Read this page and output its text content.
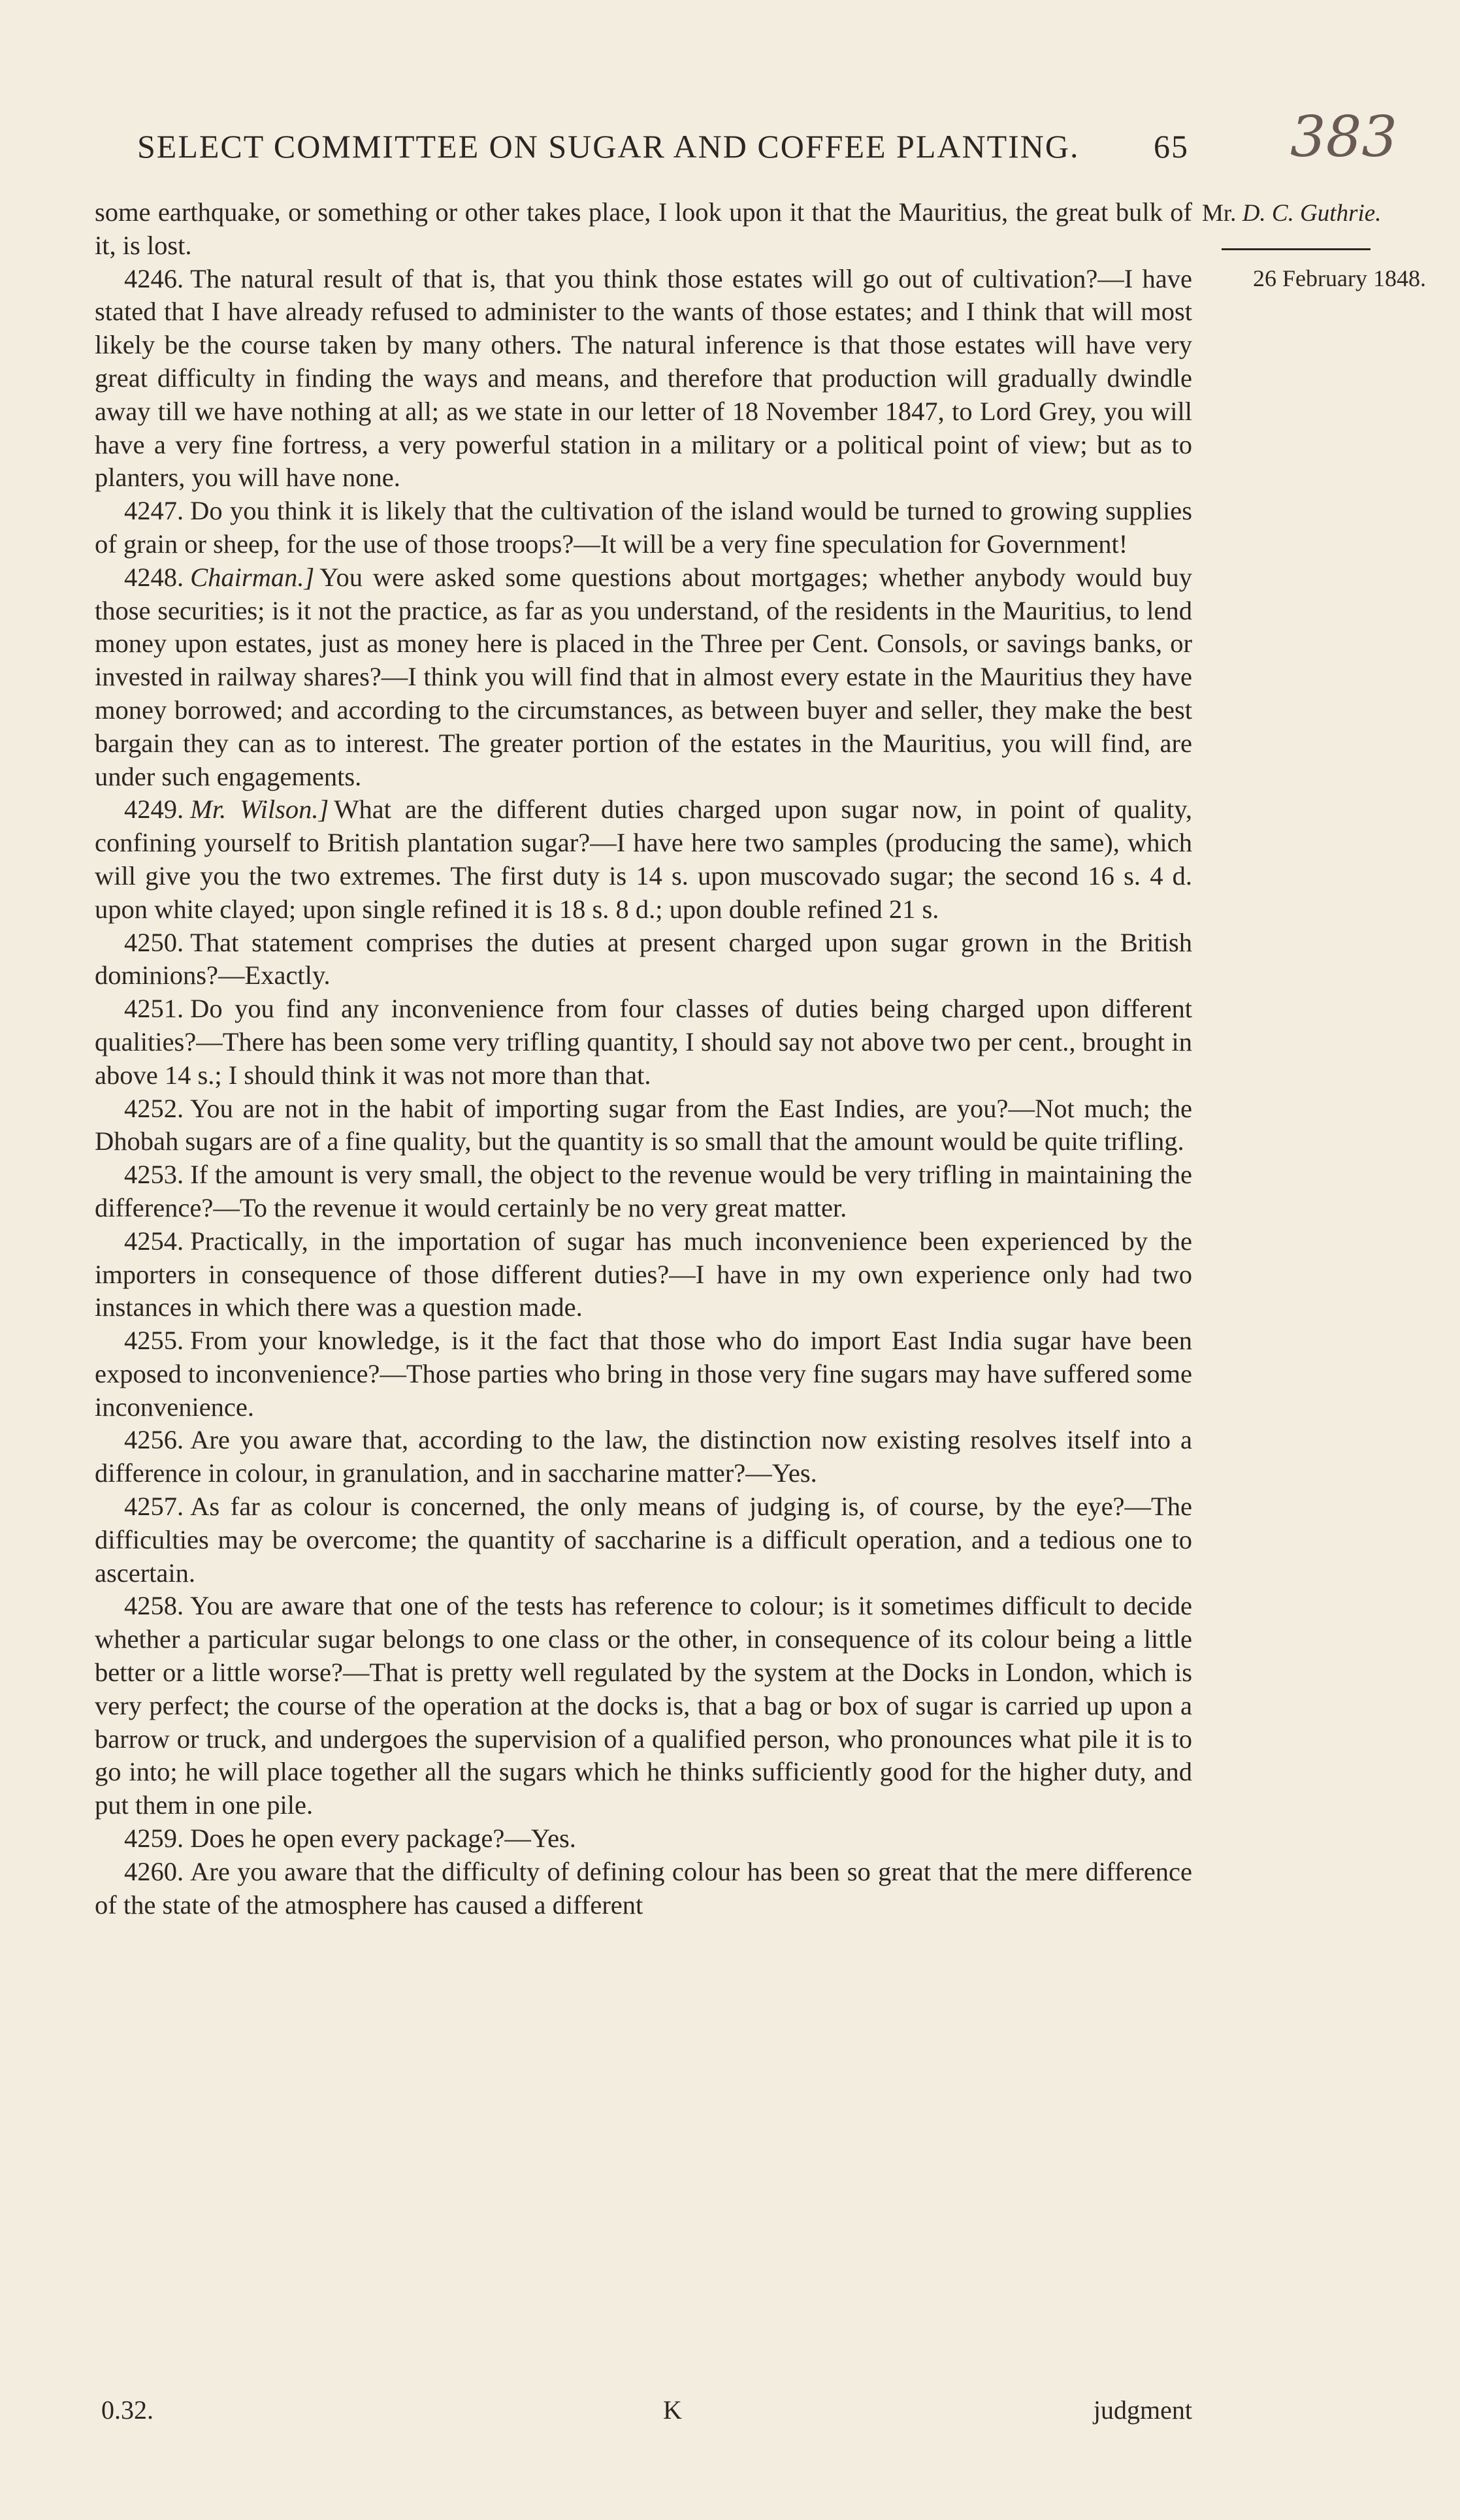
SELECT COMMITTEE ON SUGAR AND COFFEE PLANTING. 65 383
Mr. D. C. Guthrie.
26 February 1848.

some earthquake, or something or other takes place, I look upon it that the Mauritius, the great bulk of it, is lost.

4246. The natural result of that is, that you think those estates will go out of cultivation?—I have stated that I have already refused to administer to the wants of those estates; and I think that will most likely be the course taken by many others. The natural inference is that those estates will have very great difficulty in finding the ways and means, and therefore that production will gradually dwindle away till we have nothing at all; as we state in our letter of 18 November 1847, to Lord Grey, you will have a very fine fortress, a very powerful station in a military or a political point of view; but as to planters, you will have none.

4247. Do you think it is likely that the cultivation of the island would be turned to growing supplies of grain or sheep, for the use of those troops?—It will be a very fine speculation for Government!

4248. Chairman.] You were asked some questions about mortgages; whether anybody would buy those securities; is it not the practice, as far as you understand, of the residents in the Mauritius, to lend money upon estates, just as money here is placed in the Three per Cent. Consols, or savings banks, or invested in railway shares?—I think you will find that in almost every estate in the Mauritius they have money borrowed; and according to the circumstances, as between buyer and seller, they make the best bargain they can as to interest. The greater portion of the estates in the Mauritius, you will find, are under such engagements.

4249. Mr. Wilson.] What are the different duties charged upon sugar now, in point of quality, confining yourself to British plantation sugar?—I have here two samples (producing the same), which will give you the two extremes. The first duty is 14 s. upon muscovado sugar; the second 16 s. 4 d. upon white clayed; upon single refined it is 18 s. 8 d.; upon double refined 21 s.

4250. That statement comprises the duties at present charged upon sugar grown in the British dominions?—Exactly.

4251. Do you find any inconvenience from four classes of duties being charged upon different qualities?—There has been some very trifling quantity, I should say not above two per cent., brought in above 14 s.; I should think it was not more than that.

4252. You are not in the habit of importing sugar from the East Indies, are you?—Not much; the Dhobah sugars are of a fine quality, but the quantity is so small that the amount would be quite trifling.

4253. If the amount is very small, the object to the revenue would be very trifling in maintaining the difference?—To the revenue it would certainly be no very great matter.

4254. Practically, in the importation of sugar has much inconvenience been experienced by the importers in consequence of those different duties?—I have in my own experience only had two instances in which there was a question made.

4255. From your knowledge, is it the fact that those who do import East India sugar have been exposed to inconvenience?—Those parties who bring in those very fine sugars may have suffered some inconvenience.

4256. Are you aware that, according to the law, the distinction now existing resolves itself into a difference in colour, in granulation, and in saccharine matter?—Yes.

4257. As far as colour is concerned, the only means of judging is, of course, by the eye?—The difficulties may be overcome; the quantity of saccharine is a difficult operation, and a tedious one to ascertain.

4258. You are aware that one of the tests has reference to colour; is it sometimes difficult to decide whether a particular sugar belongs to one class or the other, in consequence of its colour being a little better or a little worse?—That is pretty well regulated by the system at the Docks in London, which is very perfect; the course of the operation at the docks is, that a bag or box of sugar is carried up upon a barrow or truck, and undergoes the supervision of a qualified person, who pronounces what pile it is to go into; he will place together all the sugars which he thinks sufficiently good for the higher duty, and put them in one pile.

4259. Does he open every package?—Yes.

4260. Are you aware that the difficulty of defining colour has been so great that the mere difference of the state of the atmosphere has caused a different

0.32.	K	judgment
